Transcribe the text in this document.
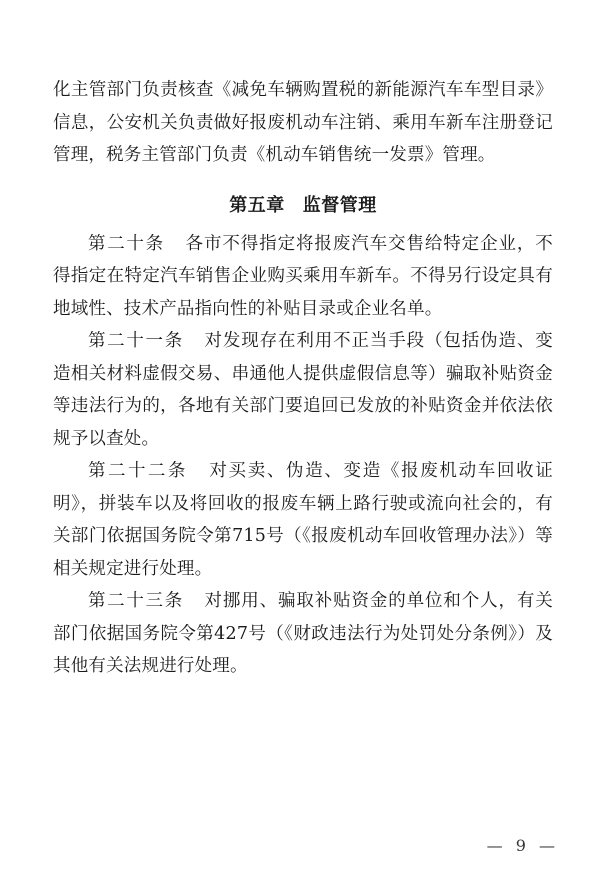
化主管部门负责核查《减免车辆购置税的新能源汽车车型目录》信息，公安机关负责做好报废机动车注销、乘用车新车注册登记管理，税务主管部门负责《机动车销售统一发票》管理。

第五章 监督管理

第二十条 各市不得指定将报废汽车交售给特定企业，不得指定在特定汽车销售企业购买乘用车新车。不得另行设定具有地域性、技术产品指向性的补贴目录或企业名单。

第二十一条 对发现存在利用不正当手段（包括伪造、变造相关材料虚假交易、串通他人提供虚假信息等）骗取补贴资金等违法行为的，各地有关部门要追回已发放的补贴资金并依法依规予以查处。

第二十二条 对买卖、伪造、变造《报废机动车回收证明》，拼装车以及将回收的报废车辆上路行驶或流向社会的，有关部门依据国务院令第715号（《报废机动车回收管理办法》）等相关规定进行处理。

第二十三条 对挪用、骗取补贴资金的单位和个人，有关部门依据国务院令第427号（《财政违法行为处罚处分条例》）及其他有关法规进行处理。

— 9 —
